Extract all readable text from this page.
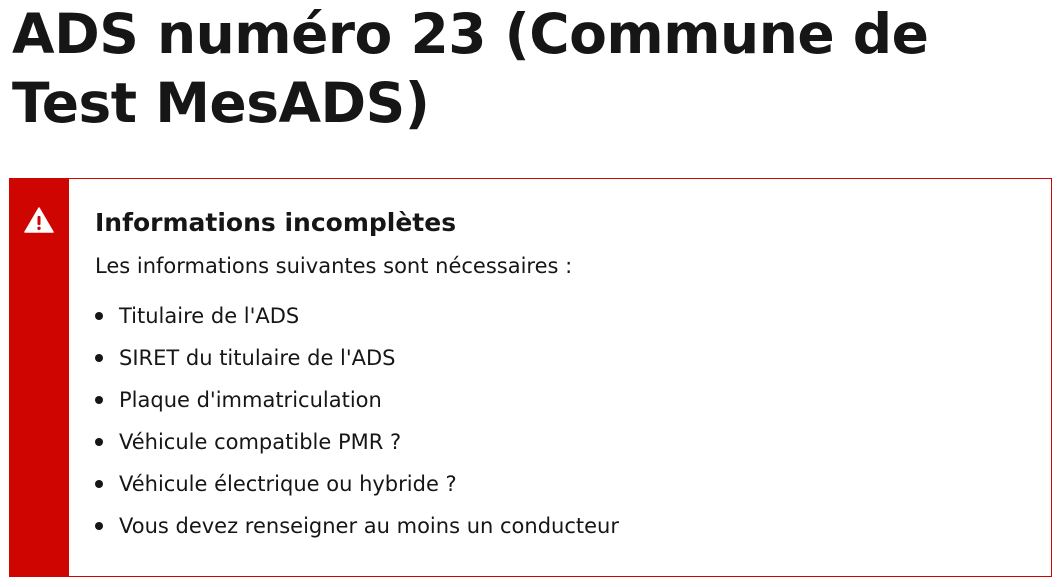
ADS numéro 23 (Commune de Test MesADS)
Informations incomplètes

Les informations suivantes sont nécessaires :

Titulaire de l'ADS
SIRET du titulaire de l'ADS
Plaque d'immatriculation
Véhicule compatible PMR ?
Véhicule électrique ou hybride ?
Vous devez renseigner au moins un conducteur
